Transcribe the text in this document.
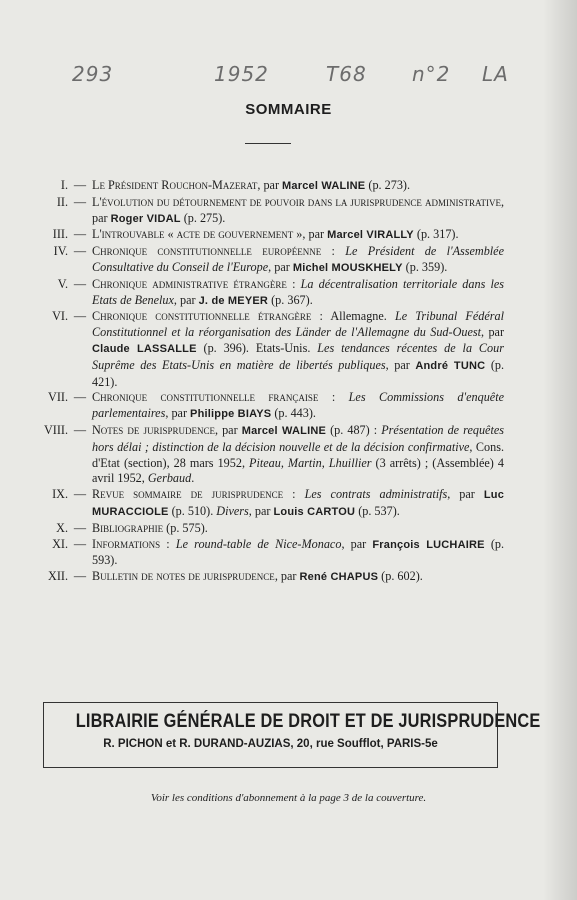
293	1952	T68 n°2 LA
SOMMAIRE
I. — Le Président Rouchon-Mazerat, par Marcel WALINE (p. 273).
II. — L'évolution du détournement de pouvoir dans la jurisprudence administrative, par Roger VIDAL (p. 275).
III. — L'introuvable « acte de gouvernement », par Marcel VIRALLY (p. 317).
IV. — Chronique constitutionnelle européenne : Le Président de l'Assemblée Consultative du Conseil de l'Europe, par Michel MOUSKHELY (p. 359).
V. — Chronique administrative étrangère : La décentralisation territoriale dans les Etats de Benelux, par J. de MEYER (p. 367).
VI. — Chronique constitutionnelle étrangère : Allemagne. Le Tribunal Fédéral Constitutionnel et la réorganisation des Länder de l'Allemagne du Sud-Ouest, par Claude LASSALLE (p. 396). Etats-Unis. Les tendances récentes de la Cour Suprême des Etats-Unis en matière de libertés publiques, par André TUNC (p. 421).
VII. — Chronique constitutionnelle française : Les Commissions d'enquête parlementaires, par Philippe BIAYS (p. 443).
VIII. — Notes de jurisprudence, par Marcel WALINE (p. 487) : Présentation de requêtes hors délai ; distinction de la décision nouvelle et de la décision confirmative, Cons. d'Etat (section), 28 mars 1952, Piteau, Martin, Lhuillier (3 arrêts) ; (Assemblée) 4 avril 1952, Gerbaud.
IX. — Revue sommaire de jurisprudence : Les contrats administratifs, par Luc MURACCIOLE (p. 510). Divers, par Louis CARTOU (p. 537).
X. — Bibliographie (p. 575).
XI. — Informations : Le round-table de Nice-Monaco, par François LUCHAIRE (p. 593).
XII. — Bulletin de notes de jurisprudence, par René CHAPUS (p. 602).
LIBRAIRIE GÉNÉRALE DE DROIT ET DE JURISPRUDENCE
R. PICHON et R. DURAND-AUZIAS, 20, rue Soufflot, PARIS-5e
Voir les conditions d'abonnement à la page 3 de la couverture.
